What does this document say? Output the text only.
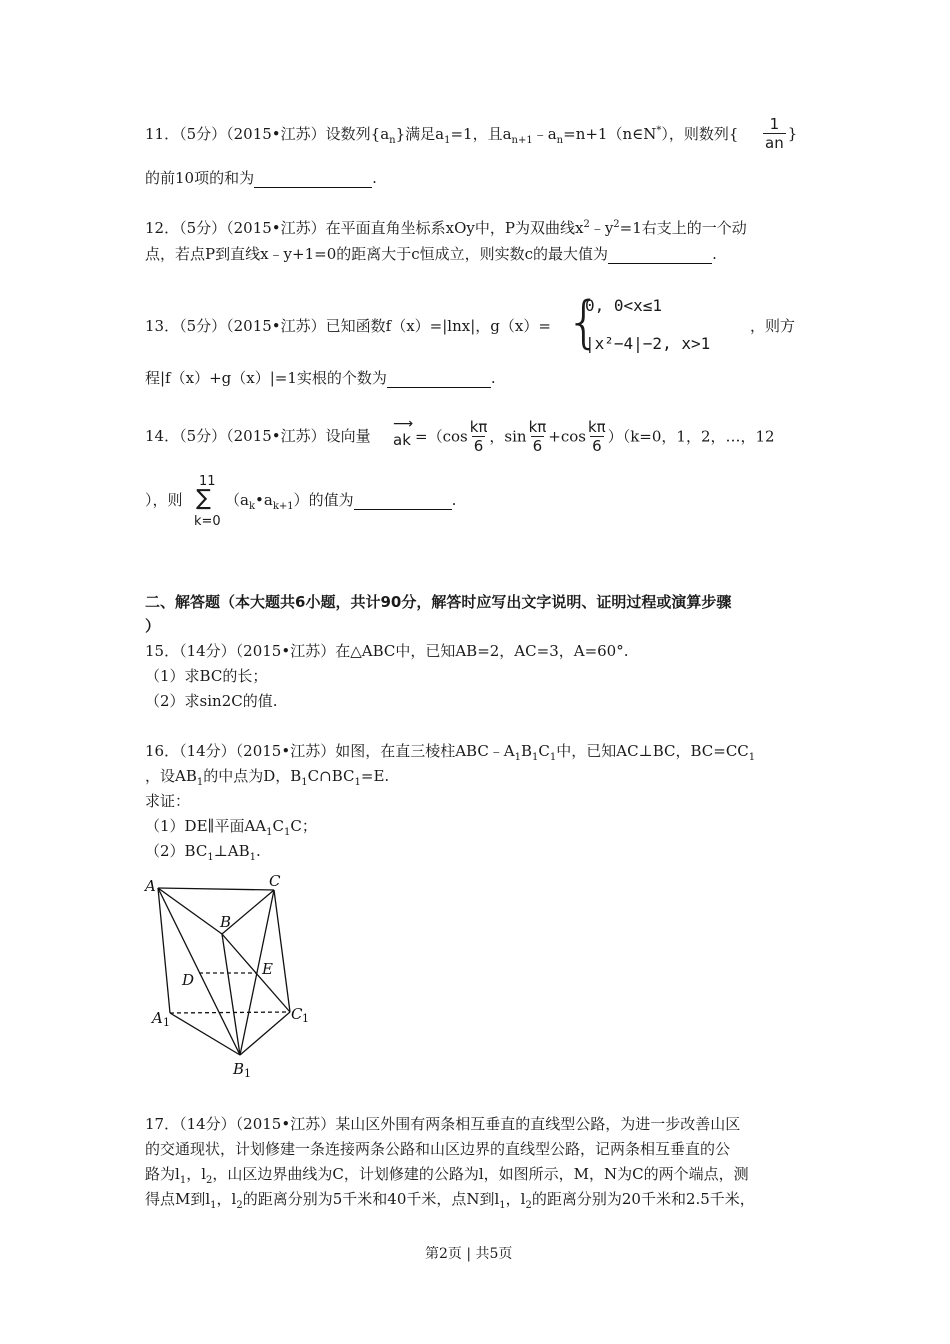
11．（5分）（2015•江苏）设数列$\{a_n\}$满足$a_1=1$，且$a_{n+1}﹣a_n=n+1(n\in N^*)$，则数列{ $\frac{1}{an}$ }
的前10项的和为	.
12．（5分）（2015•江苏）在平面直角坐标系xOy中，P为双曲线$x^2﹣y^2=1$右支上的一个动
点，若点P到直线x﹣y+1=0的距离大于c恒成立，则实数c的最大值为	.
13．（5分）（2015•江苏）已知函数f（x）=|lnx|，g（x）= {
0, 0<x≤1
|x²−4|−2, x>1
，则方
程|f（x）+g（x）|=1实根的个数为	.
14．（5分）（2015•江苏）设向量
⟶
ak $=(\cos \frac{k\pi}{6}$ ，$\sin \frac{k\pi}{6} +\cos \frac{k\pi}{6} )(k=0$，1，2，…，12
），则
11
∑
k=0
$(a_k•a_{k+1})$的值为	.
二、解答题（本大题共6小题，共计90分，解答时应写出文字说明、证明过程或演算步骤
）
15．（14分）（2015•江苏）在△ABC中，已知AB=2，AC=3，A=60°.
（1）求BC的长；
（2）求sin2C的值.
16．（14分）（2015•江苏）如图，在直三棱柱$ABC﹣A_1B_1C_1$中，已知AC⊥BC，$BC=CC_1$
，设$AB_1$的中点为D，$B_1C\cap BC_1=E$.
求证：
（1）DE∥平面$AA_1C_1C$；
$(2)BC_1\perp AB_1$.
A	C
B
D
E
A 1	C 1
B 1
17．（14分）（2015•江苏）某山区外围有两条相互垂直的直线型公路，为进一步改善山区
的交通现状，计划修建一条连接两条公路和山区边界的直线型公路，记两条相互垂直的公
路为$l_1$，$l_2$，山区边界曲线为C，计划修建的公路为l，如图所示，M，N为C的两个端点，测
得点M到$l_1$，$l_2$的距离分别为5千米和40千米，点N到$l_1$，$l_2$的距离分别为20千米和2.5千米，
第2页 | 共5页
